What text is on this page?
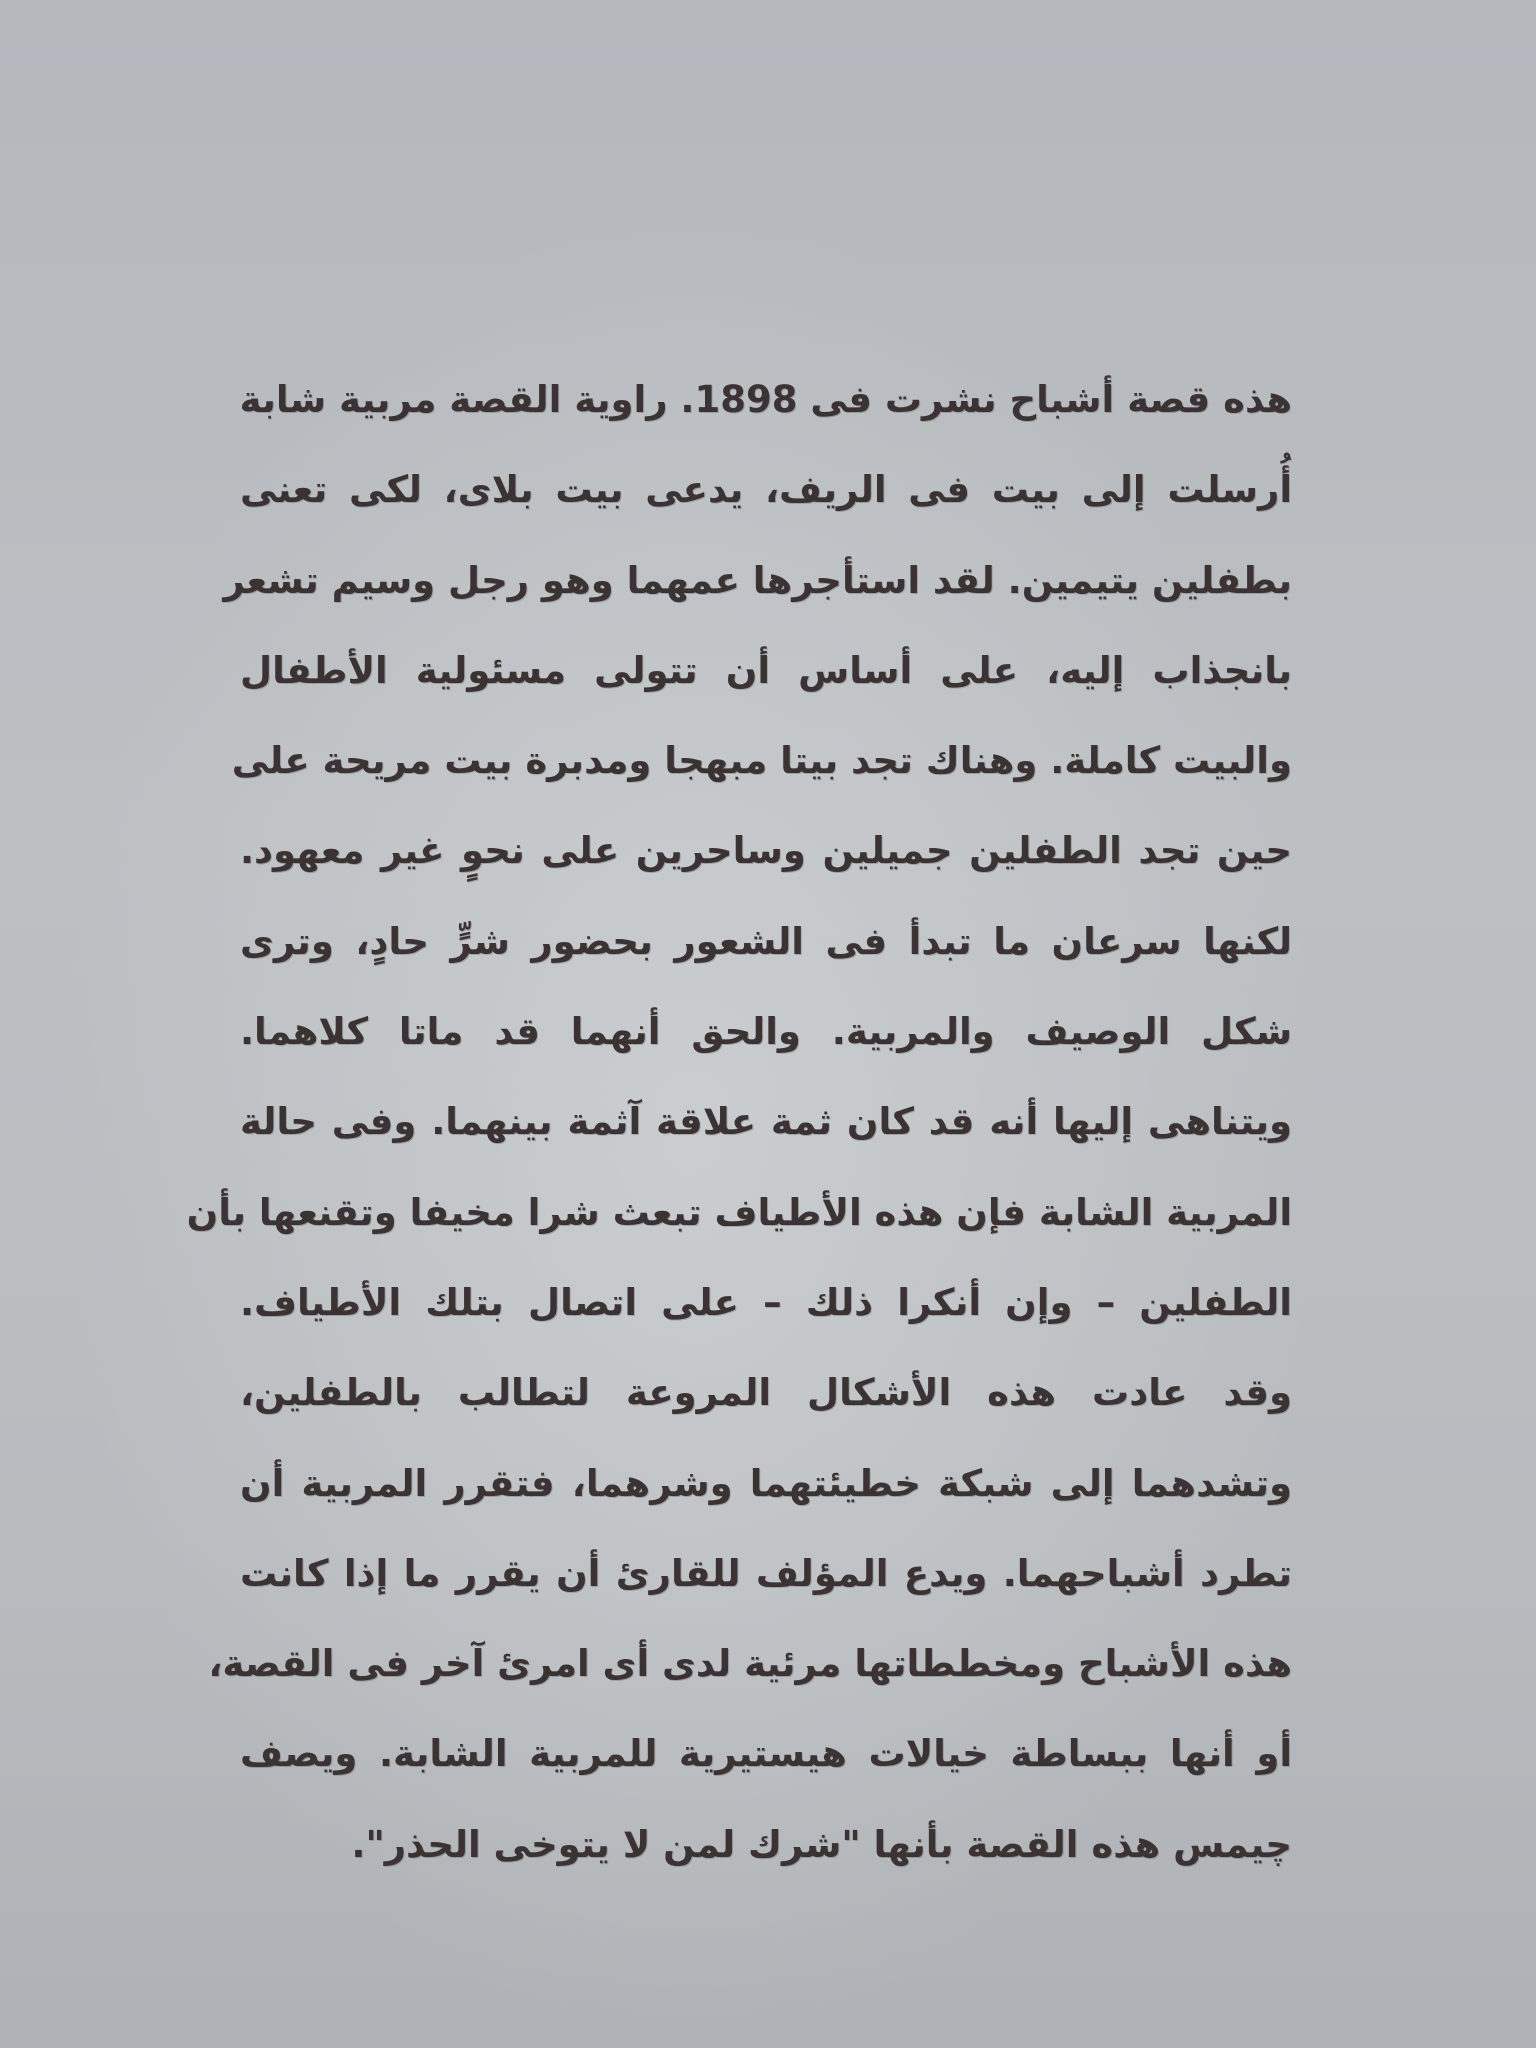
هذه قصة أشباح نشرت فى 1898. راوية القصة مربية شابة
أُرسلت إلى بيت فى الريف، يدعى بيت بلاى، لكى تعنى
بطفلين يتيمين. لقد استأجرها عمهما وهو رجل وسيم تشعر
بانجذاب إليه، على أساس أن تتولى مسئولية الأطفال
والبيت كاملة. وهناك تجد بيتا مبهجا ومدبرة بيت مريحة على
حين تجد الطفلين جميلين وساحرين على نحوٍ غير معهود.
لكنها سرعان ما تبدأ فى الشعور بحضور شرٍّ حادٍ، وترى
شكل الوصيف والمربية. والحق أنهما قد ماتا كلاهما.
ويتناهى إليها أنه قد كان ثمة علاقة آثمة بينهما. وفى حالة
المربية الشابة فإن هذه الأطياف تبعث شرا مخيفا وتقنعها بأن
الطفلين – وإن أنكرا ذلك – على اتصال بتلك الأطياف.
وقد عادت هذه الأشكال المروعة لتطالب بالطفلين،
وتشدهما إلى شبكة خطيئتهما وشرهما، فتقرر المربية أن
تطرد أشباحهما. ويدع المؤلف للقارئ أن يقرر ما إذا كانت
هذه الأشباح ومخططاتها مرئية لدى أى امرئ آخر فى القصة،
أو أنها ببساطة خيالات هيستيرية للمربية الشابة. ويصف
چيمس هذه القصة بأنها "شرك لمن لا يتوخى الحذر".
